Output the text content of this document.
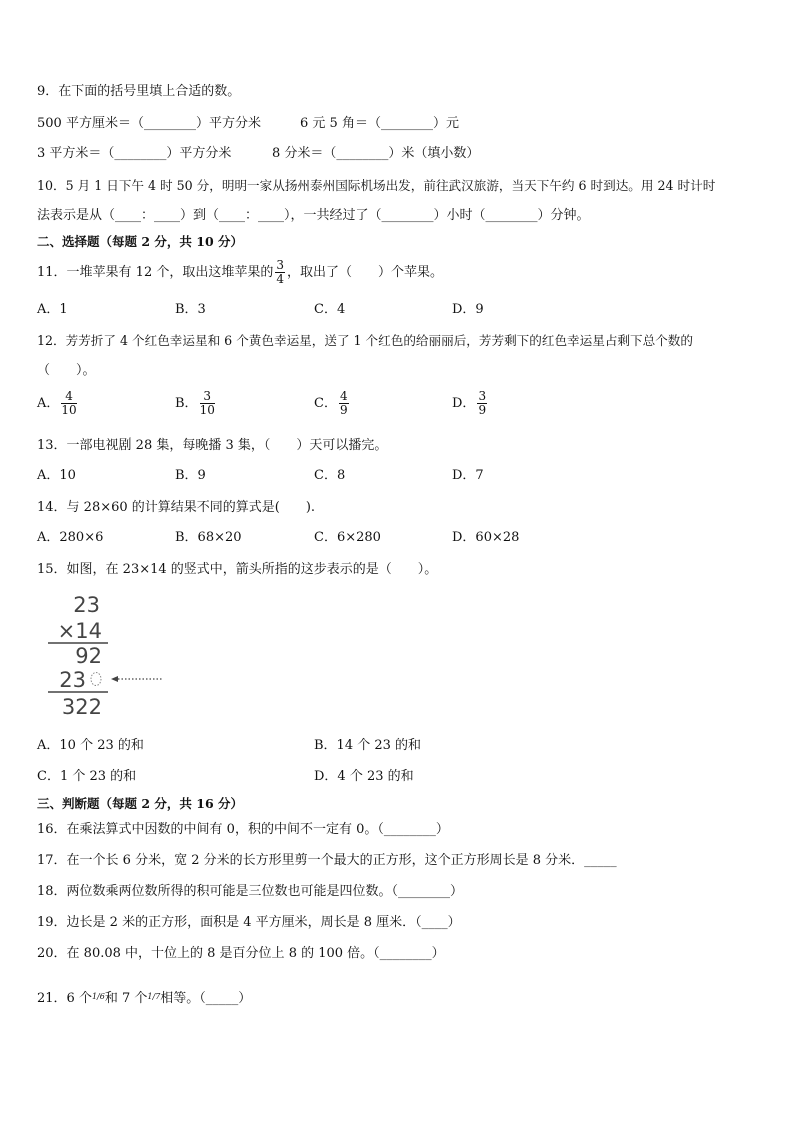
9．在下面的括号里填上合适的数。
500 平方厘米＝（________）平方分米	6 元 5 角＝（________）元
3 平方米＝（________）平方分米	8 分米＝（________）米（填小数）
10．5 月 1 日下午 4 时 50 分，明明一家从扬州泰州国际机场出发，前往武汉旅游，当天下午约 6 时到达。用 24 时计时
法表示是从（____：____）到（____：____），一共经过了（________）小时（________）分钟。
二、选择题（每题 2 分，共 10 分）
11．一堆苹果有 12 个，取出这堆苹果的 $\frac{3}{4}$ ，取出了（　　）个苹果。
A．1	B．3	C．4	D．9
12．芳芳折了 4 个红色幸运星和 6 个黄色幸运星，送了 1 个红色的给丽丽后，芳芳剩下的红色幸运星占剩下总个数的
（　　）。
A． $\frac{4}{10}$	B． $\frac{3}{10}$	C． $\frac{4}{9}$	D． $\frac{3}{9}$
13．一部电视剧 28 集，每晚播 3 集，（　　）天可以播完。
A．10	B．9	C．8	D．7
14．与 28×60 的计算结果不同的算式是(　　).
A．280×6	B．68×20	C．6×280	D．60×28
15．如图，在 23×14 的竖式中，箭头所指的这步表示的是（　　）。
23
×14
92
23
322
A．10 个 23 的和	B．14 个 23 的和
C．1 个 23 的和	D．4 个 23 的和
三、判断题（每题 2 分，共 16 分）
16．在乘法算式中因数的中间有 0，积的中间不一定有 0。（________）
17．在一个长 6 分米，宽 2 分米的长方形里剪一个最大的正方形，这个正方形周长是 8 分米．_____
18．两位数乘两位数所得的积可能是三位数也可能是四位数。（________）
19．边长是 2 米的正方形，面积是 4 平方厘米，周长是 8 厘米．（____）
20．在 80.08 中，十位上的 8 是百分位上 8 的 100 倍。（________）
21．6 个1/6和 7 个1/7相等。（_____）
